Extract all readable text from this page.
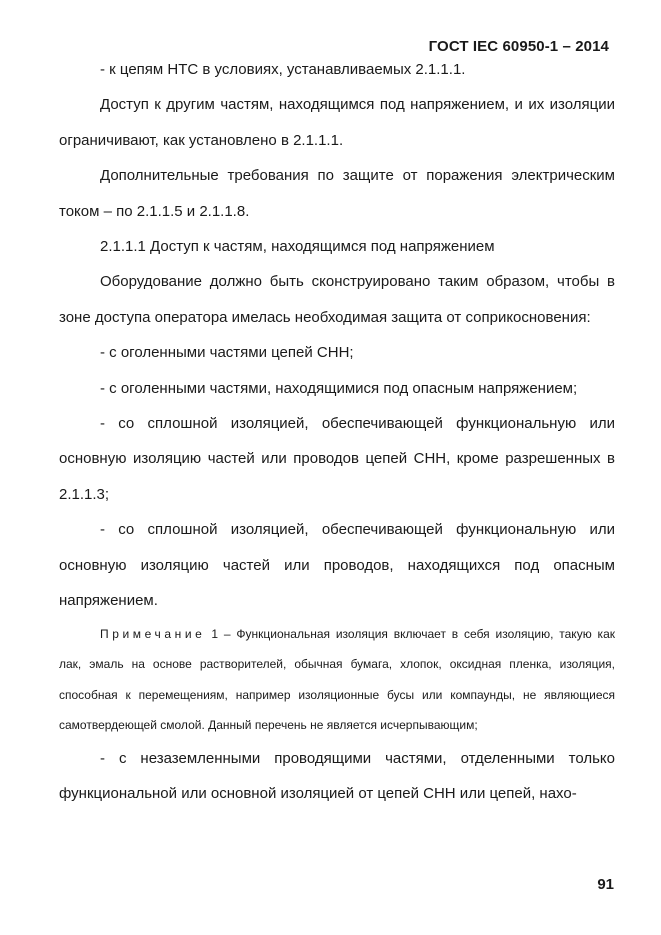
ГОСТ IEC 60950-1 – 2014

- к цепям НТС в условиях, устанавливаемых 2.1.1.1.

Доступ к другим частям, находящимся под напряжением, и их изоляции ограничивают, как установлено в 2.1.1.1.

Дополнительные требования по защите от поражения электрическим током – по 2.1.1.5 и 2.1.1.8.

2.1.1.1 Доступ к частям, находящимся под напряжением

Оборудование должно быть сконструировано таким образом, чтобы в зоне доступа оператора имелась необходимая защита от соприкосновения:

- с оголенными частями цепей СНН;

- с оголенными частями, находящимися под опасным напряжением;

- со сплошной изоляцией, обеспечивающей функциональную или основную изоляцию частей или проводов цепей СНН, кроме разрешенных в 2.1.1.3;

- со сплошной изоляцией, обеспечивающей функциональную или основную изоляцию частей или проводов, находящихся под опасным напряжением.

Примечание 1 – Функциональная изоляция включает в себя изоляцию, такую как лак, эмаль на основе растворителей, обычная бумага, хлопок, оксидная пленка, изоляция, способная к перемещениям, например изоляционные бусы или компаунды, не являющиеся самотвердеющей смолой. Данный перечень не является исчерпывающим;

- с незаземленными проводящими частями, отделенными только функциональной или основной изоляцией от цепей СНН или цепей, нахо-

91
